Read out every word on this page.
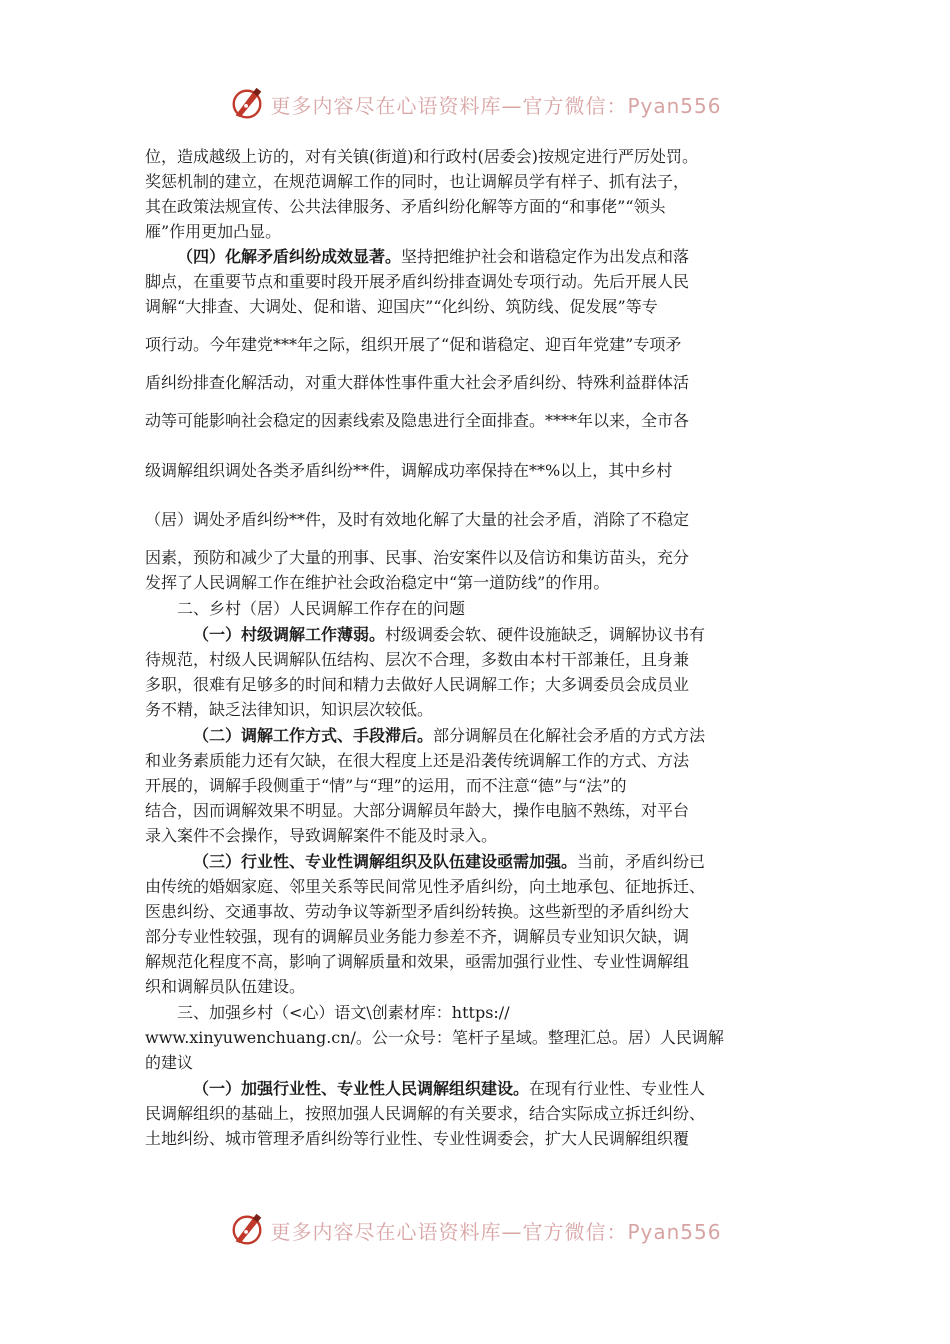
更多内容尽在心语资料库—官方微信：Pyan556
位，造成越级上访的，对有关镇(街道)和行政村(居委会)按规定进行严厉处罚。
奖惩机制的建立，在规范调解工作的同时，也让调解员学有样子、抓有法子，
其在政策法规宣传、公共法律服务、矛盾纠纷化解等方面的“和事佬”“领头
雁”作用更加凸显。
（四）化解矛盾纠纷成效显著。坚持把维护社会和谐稳定作为出发点和落
脚点，在重要节点和重要时段开展矛盾纠纷排查调处专项行动。先后开展人民
调解“大排查、大调处、促和谐、迎国庆”“化纠纷、筑防线、促发展”等专
项行动。今年建党***年之际，组织开展了“促和谐稳定、迎百年党建”专项矛
盾纠纷排查化解活动，对重大群体性事件重大社会矛盾纠纷、特殊利益群体活
动等可能影响社会稳定的因素线索及隐患进行全面排查。****年以来，全市各
级调解组织调处各类矛盾纠纷**件，调解成功率保持在**%以上，其中乡村
（居）调处矛盾纠纷**件，及时有效地化解了大量的社会矛盾，消除了不稳定
因素，预防和减少了大量的刑事、民事、治安案件以及信访和集访苗头，充分
发挥了人民调解工作在维护社会政治稳定中“第一道防线”的作用。
二、乡村（居）人民调解工作存在的问题
（一）村级调解工作薄弱。村级调委会软、硬件设施缺乏，调解协议书有
待规范，村级人民调解队伍结构、层次不合理，多数由本村干部兼任，且身兼
多职，很难有足够多的时间和精力去做好人民调解工作；大多调委员会成员业
务不精，缺乏法律知识，知识层次较低。
（二）调解工作方式、手段滞后。部分调解员在化解社会矛盾的方式方法
和业务素质能力还有欠缺，在很大程度上还是沿袭传统调解工作的方式、方法
开展的，调解手段侧重于“情”与“理”的运用，而不注意“德”与“法”的
结合，因而调解效果不明显。大部分调解员年龄大，操作电脑不熟练，对平台
录入案件不会操作，导致调解案件不能及时录入。
（三）行业性、专业性调解组织及队伍建设亟需加强。当前，矛盾纠纷已
由传统的婚姻家庭、邻里关系等民间常见性矛盾纠纷，向土地承包、征地拆迁、
医患纠纷、交通事故、劳动争议等新型矛盾纠纷转换。这些新型的矛盾纠纷大
部分专业性较强，现有的调解员业务能力参差不齐，调解员专业知识欠缺，调
解规范化程度不高，影响了调解质量和效果，亟需加强行业性、专业性调解组
织和调解员队伍建设。
三、加强乡村（<心）语文\创素材库：https://
www.xinyuwenchuang.cn/。公一众号：笔杆子星域。整理汇总。居）人民调解
的建议
（一）加强行业性、专业性人民调解组织建设。在现有行业性、专业性人
民调解组织的基础上，按照加强人民调解的有关要求，结合实际成立拆迁纠纷、
土地纠纷、城市管理矛盾纠纷等行业性、专业性调委会，扩大人民调解组织覆
更多内容尽在心语资料库—官方微信：Pyan556
